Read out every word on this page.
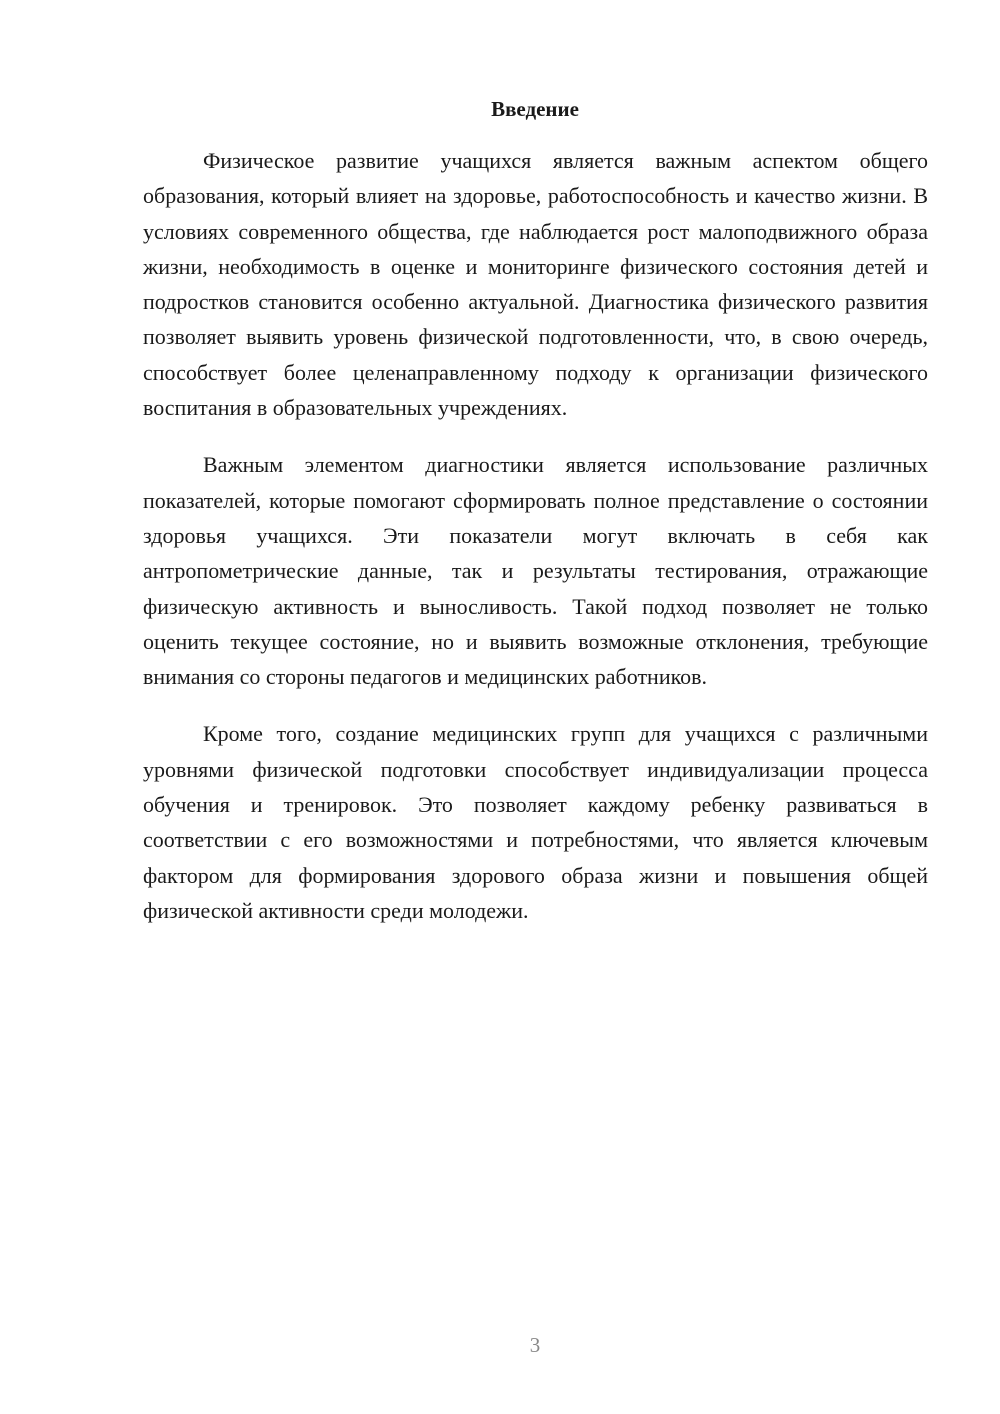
Введение

Физическое развитие учащихся является важным аспектом общего образования, который влияет на здоровье, работоспособность и качество жизни. В условиях современного общества, где наблюдается рост малоподвижного образа жизни, необходимость в оценке и мониторинге физического состояния детей и подростков становится особенно актуальной. Диагностика физического развития позволяет выявить уровень физической подготовленности, что, в свою очередь, способствует более целенаправленному подходу к организации физического воспитания в образовательных учреждениях.

Важным элементом диагностики является использование различных показателей, которые помогают сформировать полное представление о состоянии здоровья учащихся. Эти показатели могут включать в себя как антропометрические данные, так и результаты тестирования, отражающие физическую активность и выносливость. Такой подход позволяет не только оценить текущее состояние, но и выявить возможные отклонения, требующие внимания со стороны педагогов и медицинских работников.

Кроме того, создание медицинских групп для учащихся с различными уровнями физической подготовки способствует индивидуализации процесса обучения и тренировок. Это позволяет каждому ребенку развиваться в соответствии с его возможностями и потребностями, что является ключевым фактором для формирования здорового образа жизни и повышения общей физической активности среди молодежи.

3
